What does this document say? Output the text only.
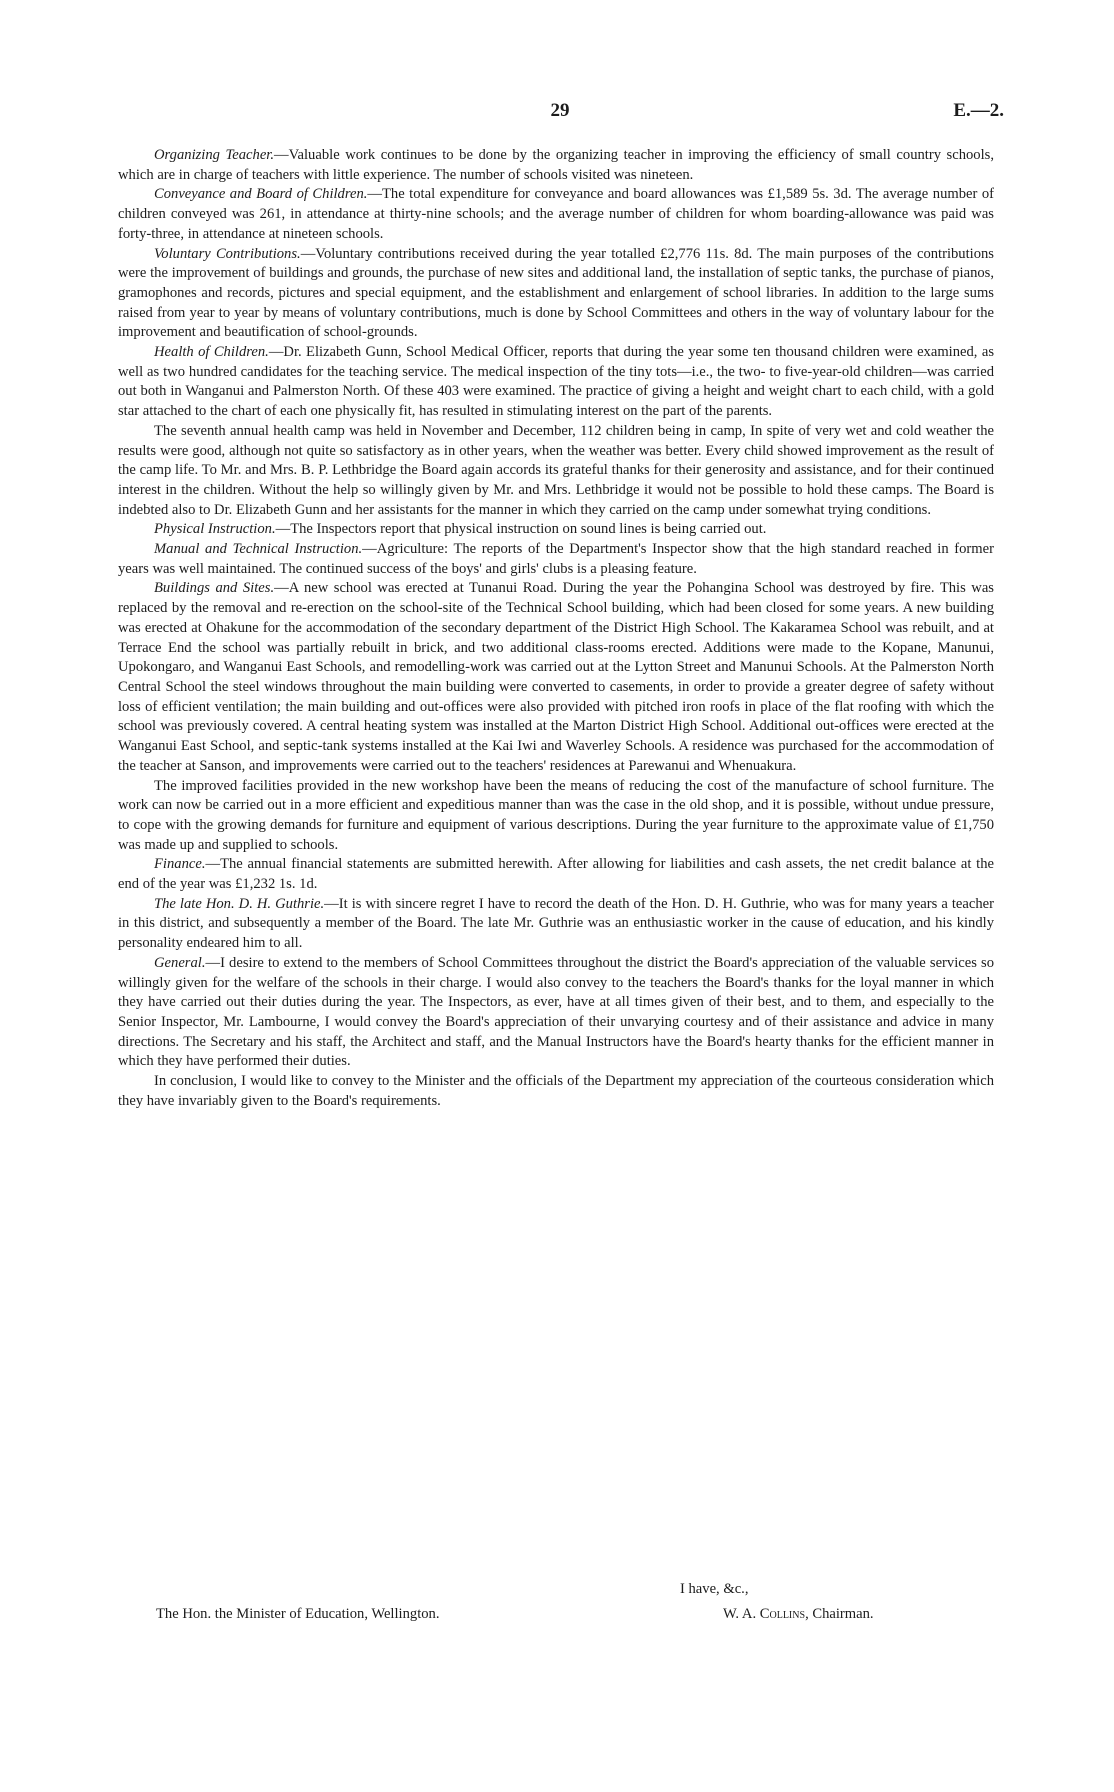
29	E.—2.

Organizing Teacher.—Valuable work continues to be done by the organizing teacher in improving the efficiency of small country schools, which are in charge of teachers with little experience. The number of schools visited was nineteen.

Conveyance and Board of Children.—The total expenditure for conveyance and board allowances was £1,589 5s. 3d. The average number of children conveyed was 261, in attendance at thirty-nine schools; and the average number of children for whom boarding-allowance was paid was forty-three, in attendance at nineteen schools.

Voluntary Contributions.—Voluntary contributions received during the year totalled £2,776 11s. 8d. The main purposes of the contributions were the improvement of buildings and grounds, the purchase of new sites and additional land, the installation of septic tanks, the purchase of pianos, gramophones and records, pictures and special equipment, and the establishment and enlargement of school libraries. In addition to the large sums raised from year to year by means of voluntary contributions, much is done by School Committees and others in the way of voluntary labour for the improvement and beautification of school-grounds.

Health of Children.—Dr. Elizabeth Gunn, School Medical Officer, reports that during the year some ten thousand children were examined, as well as two hundred candidates for the teaching service. The medical inspection of the tiny tots—i.e., the two- to five-year-old children—was carried out both in Wanganui and Palmerston North. Of these 403 were examined. The practice of giving a height and weight chart to each child, with a gold star attached to the chart of each one physically fit, has resulted in stimulating interest on the part of the parents.

The seventh annual health camp was held in November and December, 112 children being in camp, In spite of very wet and cold weather the results were good, although not quite so satisfactory as in other years, when the weather was better. Every child showed improvement as the result of the camp life. To Mr. and Mrs. B. P. Lethbridge the Board again accords its grateful thanks for their generosity and assistance, and for their continued interest in the children. Without the help so willingly given by Mr. and Mrs. Lethbridge it would not be possible to hold these camps. The Board is indebted also to Dr. Elizabeth Gunn and her assistants for the manner in which they carried on the camp under somewhat trying conditions.

Physical Instruction.—The Inspectors report that physical instruction on sound lines is being carried out.

Manual and Technical Instruction.—Agriculture: The reports of the Department's Inspector show that the high standard reached in former years was well maintained. The continued success of the boys' and girls' clubs is a pleasing feature.

Buildings and Sites.—A new school was erected at Tunanui Road. During the year the Pohangina School was destroyed by fire. This was replaced by the removal and re-erection on the school-site of the Technical School building, which had been closed for some years. A new building was erected at Ohakune for the accommodation of the secondary department of the District High School. The Kakaramea School was rebuilt, and at Terrace End the school was partially rebuilt in brick, and two additional class-rooms erected. Additions were made to the Kopane, Manunui, Upokongaro, and Wanganui East Schools, and remodelling-work was carried out at the Lytton Street and Manunui Schools. At the Palmerston North Central School the steel windows throughout the main building were converted to casements, in order to provide a greater degree of safety without loss of efficient ventilation; the main building and out-offices were also provided with pitched iron roofs in place of the flat roofing with which the school was previously covered. A central heating system was installed at the Marton District High School. Additional out-offices were erected at the Wanganui East School, and septic-tank systems installed at the Kai Iwi and Waverley Schools. A residence was purchased for the accommodation of the teacher at Sanson, and improvements were carried out to the teachers' residences at Parewanui and Whenuakura.

The improved facilities provided in the new workshop have been the means of reducing the cost of the manufacture of school furniture. The work can now be carried out in a more efficient and expeditious manner than was the case in the old shop, and it is possible, without undue pressure, to cope with the growing demands for furniture and equipment of various descriptions. During the year furniture to the approximate value of £1,750 was made up and supplied to schools.

Finance.—The annual financial statements are submitted herewith. After allowing for liabilities and cash assets, the net credit balance at the end of the year was £1,232 1s. 1d.

The late Hon. D. H. Guthrie.—It is with sincere regret I have to record the death of the Hon. D. H. Guthrie, who was for many years a teacher in this district, and subsequently a member of the Board. The late Mr. Guthrie was an enthusiastic worker in the cause of education, and his kindly personality endeared him to all.

General.—I desire to extend to the members of School Committees throughout the district the Board's appreciation of the valuable services so willingly given for the welfare of the schools in their charge. I would also convey to the teachers the Board's thanks for the loyal manner in which they have carried out their duties during the year. The Inspectors, as ever, have at all times given of their best, and to them, and especially to the Senior Inspector, Mr. Lambourne, I would convey the Board's appreciation of their unvarying courtesy and of their assistance and advice in many directions. The Secretary and his staff, the Architect and staff, and the Manual Instructors have the Board's hearty thanks for the efficient manner in which they have performed their duties.

In conclusion, I would like to convey to the Minister and the officials of the Department my appreciation of the courteous consideration which they have invariably given to the Board's requirements.

I have, &c.,
The Hon. the Minister of Education, Wellington.	W. A. Collins, Chairman.
